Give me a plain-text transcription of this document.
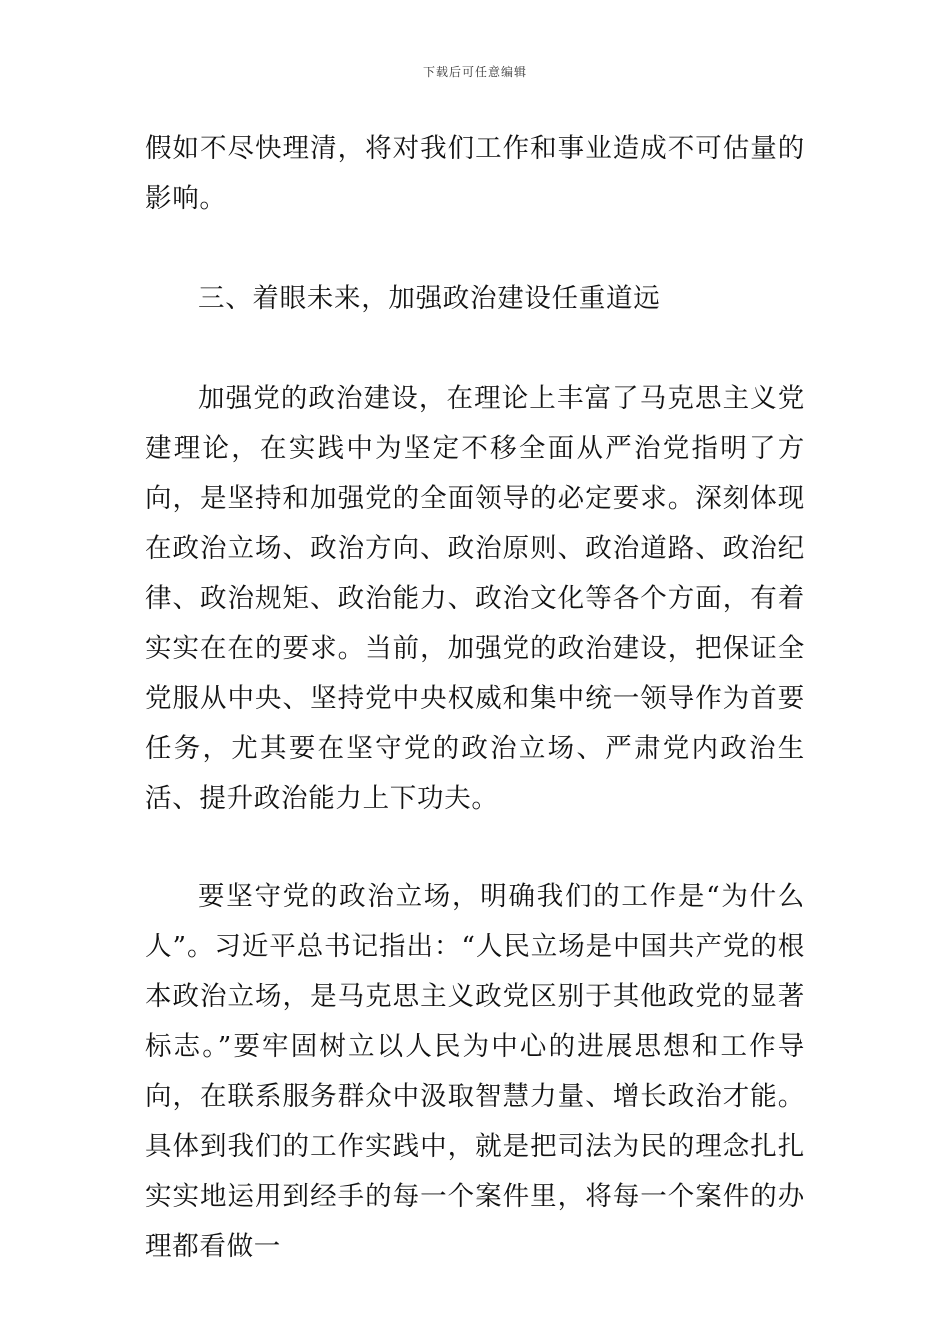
下载后可任意编辑

假如不尽快理清，将对我们工作和事业造成不可估量的影响。

三、着眼未来，加强政治建设任重道远

加强党的政治建设，在理论上丰富了马克思主义党建理论，在实践中为坚定不移全面从严治党指明了方向，是坚持和加强党的全面领导的必定要求。深刻体现在政治立场、政治方向、政治原则、政治道路、政治纪律、政治规矩、政治能力、政治文化等各个方面，有着实实在在的要求。当前，加强党的政治建设，把保证全党服从中央、坚持党中央权威和集中统一领导作为首要任务，尤其要在坚守党的政治立场、严肃党内政治生活、提升政治能力上下功夫。

要坚守党的政治立场，明确我们的工作是“为什么人”。习近平总书记指出：“人民立场是中国共产党的根本政治立场，是马克思主义政党区别于其他政党的显著标志。”要牢固树立以人民为中心的进展思想和工作导向，在联系服务群众中汲取智慧力量、增长政治才能。具体到我们的工作实践中，就是把司法为民的理念扎扎实实地运用到经手的每一个案件里，将每一个案件的办理都看做一
